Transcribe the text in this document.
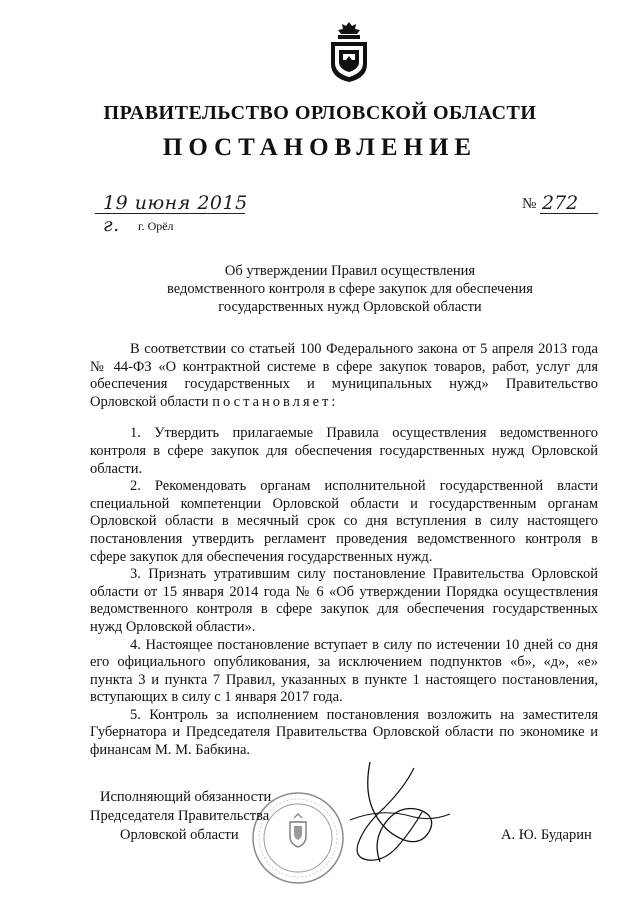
ПРАВИТЕЛЬСТВО ОРЛОВСКОЙ ОБЛАСТИ
ПОСТАНОВЛЕНИЕ
19 июня 2015 г.	г. Орёл
№ 272
Об утверждении Правил осуществления
ведомственного контроля в сфере закупок для обеспечения
государственных нужд Орловской области

В соответствии со статьей 100 Федерального закона от 5 апреля 2013 года № 44-ФЗ «О контрактной системе в сфере закупок товаров, работ, услуг для обеспечения государственных и муниципальных нужд» Правительство Орловской области постановляет:

1. Утвердить прилагаемые Правила осуществления ведомственного контроля в сфере закупок для обеспечения государственных нужд Орловской области.

2. Рекомендовать органам исполнительной государственной власти специальной компетенции Орловской области и государственным органам Орловской области в месячный срок со дня вступления в силу настоящего постановления утвердить регламент проведения ведомственного контроля в сфере закупок для обеспечения государственных нужд.

3. Признать утратившим силу постановление Правительства Орловской области от 15 января 2014 года № 6 «Об утверждении Порядка осуществления ведомственного контроля в сфере закупок для обеспечения государственных нужд Орловской области».

4. Настоящее постановление вступает в силу по истечении 10 дней со дня его официального опубликования, за исключением подпунктов «б», «д», «е» пункта 3 и пункта 7 Правил, указанных в пункте 1 настоящего постановления, вступающих в силу с 1 января 2017 года.

5. Контроль за исполнением постановления возложить на заместителя Губернатора и Председателя Правительства Орловской области по экономике и финансам М. М. Бабкина.

Исполняющий обязанности
Председателя Правительства
Орловской области	А. Ю. Бударин
